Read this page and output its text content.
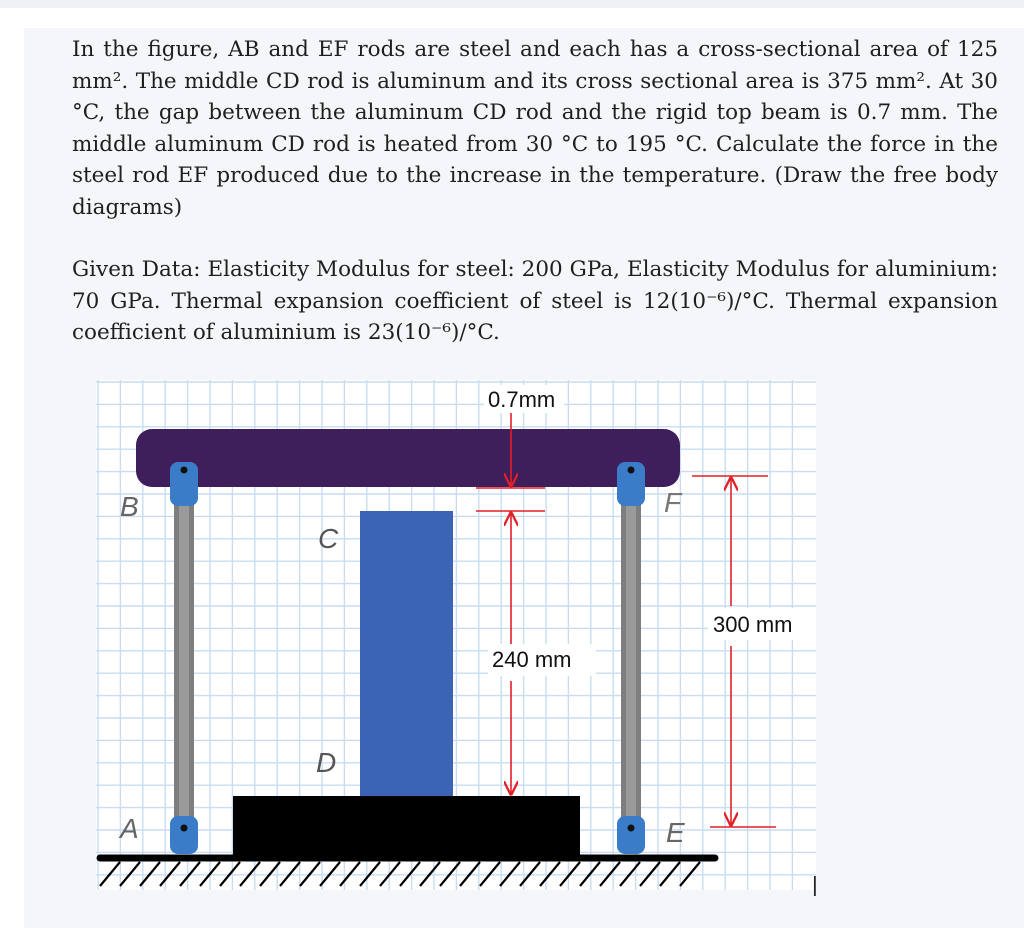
In the figure, AB and EF rods are steel and each has a cross-sectional area of 125 mm². The middle CD rod is aluminum and its cross sectional area is 375 mm². At 30 °C, the gap between the aluminum CD rod and the rigid top beam is 0.7 mm. The middle aluminum CD rod is heated from 30 °C to 195 °C. Calculate the force in the steel rod EF produced due to the increase in the temperature. (Draw the free body diagrams)
Given Data: Elasticity Modulus for steel: 200 GPa, Elasticity Modulus for aluminium: 70 GPa. Thermal expansion coefficient of steel is 12(10⁻⁶)/°C. Thermal expansion coefficient of aluminium is 23(10⁻⁶)/°C.
0.7mm
B
C
D
A	E
F
240 mm
300 mm
|
